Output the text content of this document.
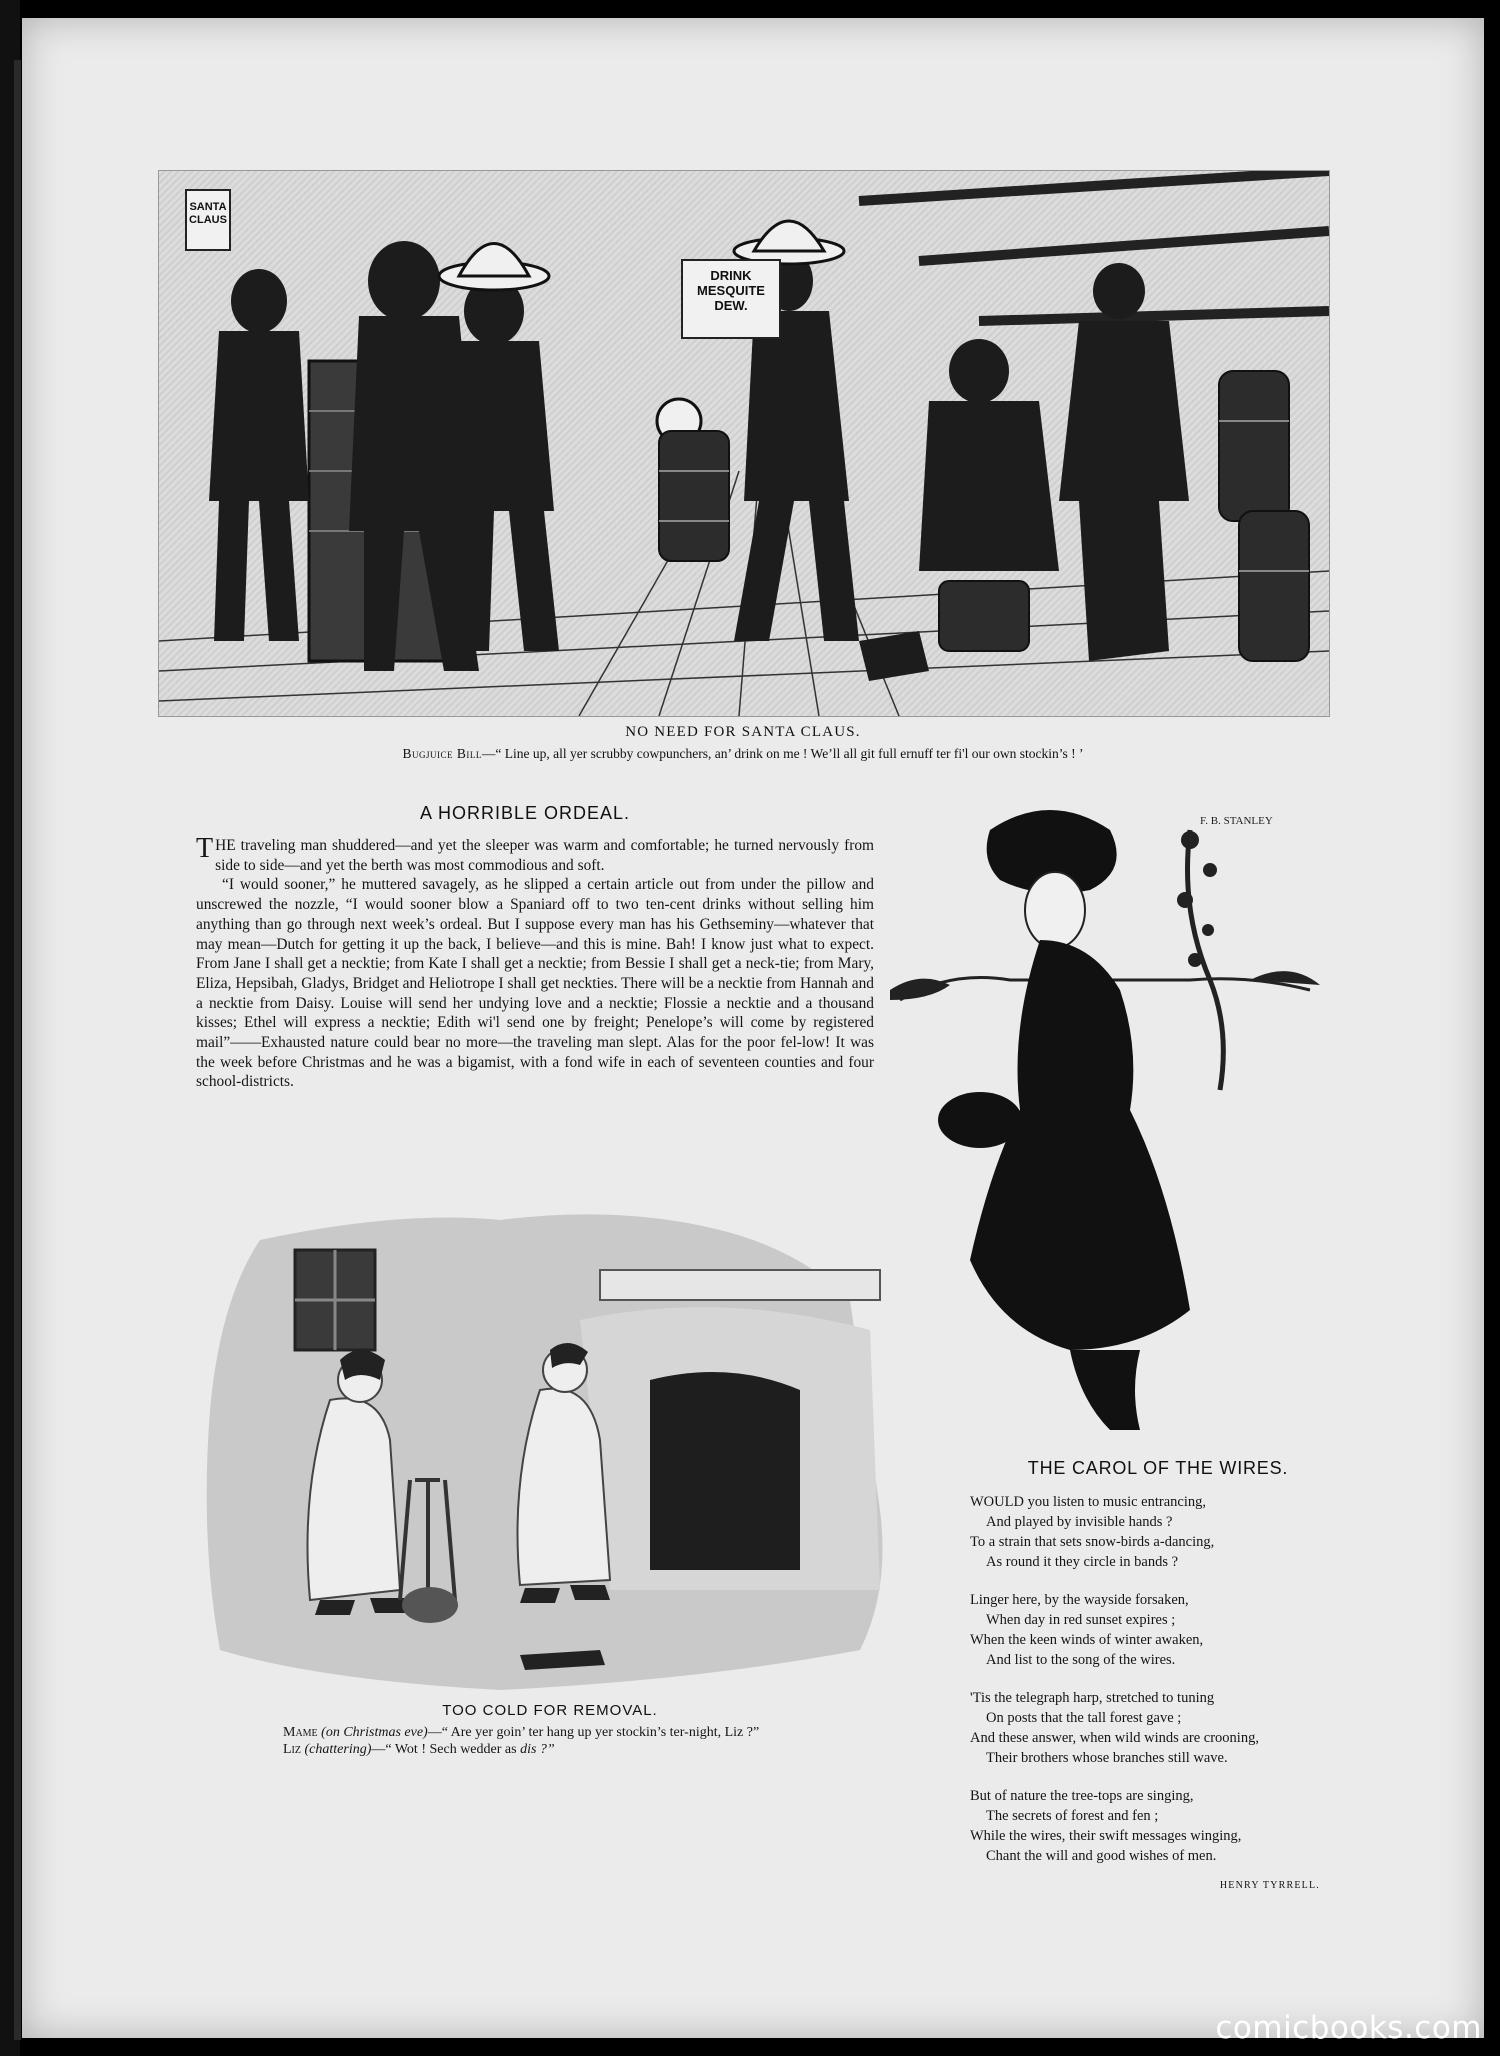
SANTA CLAUS
DRINK MESQUITE DEW.
NO NEED FOR SANTA CLAUS.
Bugjuice Bill—“ Line up, all yer scrubby cowpunchers, an’ drink on me ! We’ll all git full ernuff ter fi'l our own stockin’s ! ’
A HORRIBLE ORDEAL.

THE traveling man shuddered—and yet the sleeper was warm and comfortable; he turned nervously from side to side—and yet the berth was most commodious and soft.

“I would sooner,” he muttered savagely, as he slipped a certain article out from under the pillow and unscrewed the nozzle, “I would sooner blow a Spaniard off to two ten-cent drinks without selling him anything than go through next week’s ordeal. But I suppose every man has his Gethseminy—whatever that may mean—Dutch for getting it up the back, I believe—and this is mine. Bah! I know just what to expect. From Jane I shall get a necktie; from Kate I shall get a necktie; from Bessie I shall get a neck-tie; from Mary, Eliza, Hepsibah, Gladys, Bridget and Heliotrope I shall get neckties. There will be a necktie from Hannah and a necktie from Daisy. Louise will send her undying love and a necktie; Flossie a necktie and a thousand kisses; Ethel will express a necktie; Edith wi'l send one by freight; Penelope’s will come by registered mail”——Exhausted nature could bear no more—the traveling man slept. Alas for the poor fel-low! It was the week before Christmas and he was a bigamist, with a fond wife in each of seventeen counties and four school-districts.

F. B. STANLEY
TOO COLD FOR REMOVAL.
Mame (on Christmas eve)—“ Are yer goin’ ter hang up yer stockin’s ter-night, Liz ?”
Liz (chattering)—“ Wot ! Sech wedder as dis ?”
THE CAROL OF THE WIRES.
WOULD you listen to music entrancing,
And played by invisible hands ?
To a strain that sets snow-birds a-dancing,
As round it they circle in bands ?
Linger here, by the wayside forsaken,
When day in red sunset expires ;
When the keen winds of winter awaken,
And list to the song of the wires.
'Tis the telegraph harp, stretched to tuning
On posts that the tall forest gave ;
And these answer, when wild winds are crooning,
Their brothers whose branches still wave.
But of nature the tree-tops are singing,
The secrets of forest and fen ;
While the wires, their swift messages winging,
Chant the will and good wishes of men.
HENRY TYRRELL.
comicbooks.com
